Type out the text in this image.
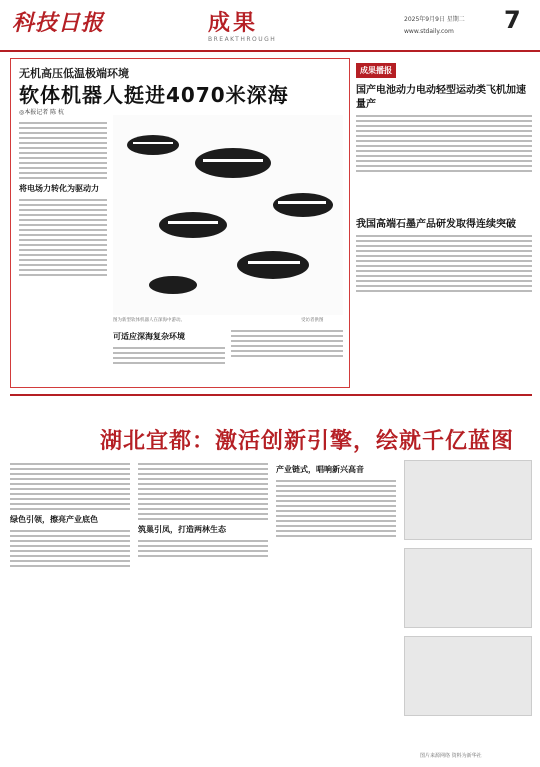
科技日报	成果
BREAKTHROUGH
2025年9月9日 星期二
www.stdaily.com 7
无机高压低温极端环境
软体机器人挺进4070米深海
◎本报记者 陈 杭
将电场力转化为驱动力
图为新型软体机器人在深海中游动。	受访者供图
可适应深海复杂环境
成果播报
国产电池动力电动轻型运动类飞机加速量产
我国高端石墨产品研发取得连续突破
湖北宜都：激活创新引擎，绘就千亿蓝图
绿色引领，擦亮产业底色
筑巢引凤，打造两林生态
产业链式，唱响新兴高音
图片来源网络 资料为新华社
